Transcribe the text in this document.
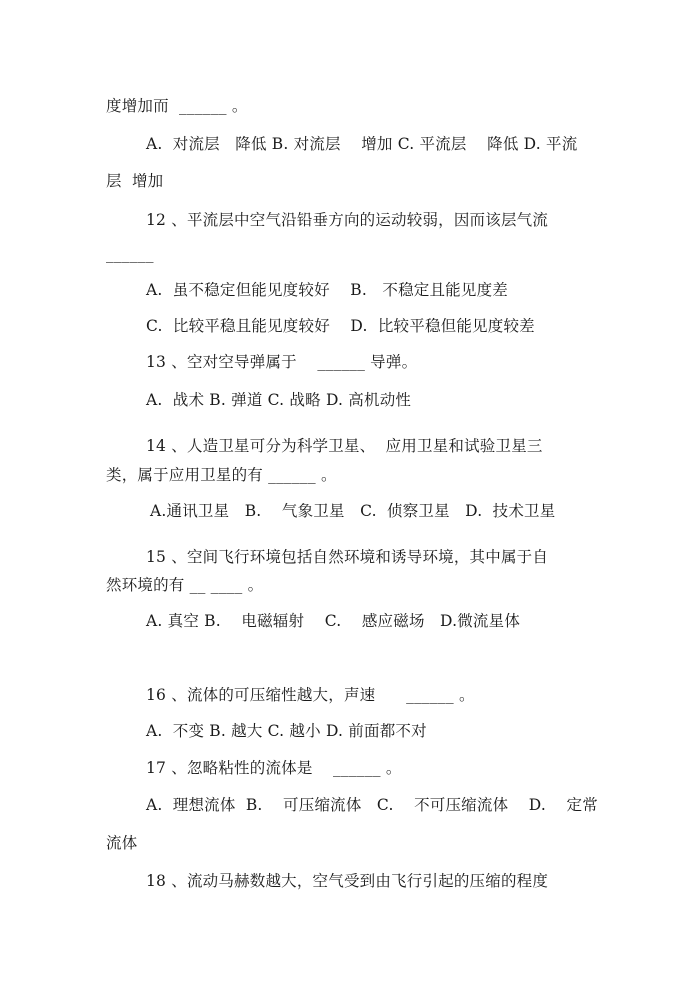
度增加而  ______ 。
A.  对流层   降低 B. 对流层    增加 C. 平流层    降低 D. 平流
层  增加
12 、平流层中空气沿铅垂方向的运动较弱，因而该层气流
______
A.  虽不稳定但能见度较好    B.   不稳定且能见度差
C.  比较平稳且能见度较好    D.  比较平稳但能见度较差
13 、空对空导弹属于    ______ 导弹。
A.  战术 B. 弹道 C. 战略 D. 高机动性
14 、人造卫星可分为科学卫星、  应用卫星和试验卫星三
类，属于应用卫星的有 ______ 。
A.通讯卫星   B.    气象卫星   C.  侦察卫星   D.  技术卫星
15 、空间飞行环境包括自然环境和诱导环境，其中属于自
然环境的有 __ ____ 。
A. 真空 B.    电磁辐射    C.    感应磁场   D.微流星体
16 、流体的可压缩性越大，声速      ______ 。
A.  不变 B. 越大 C. 越小 D. 前面都不对
17 、忽略粘性的流体是    ______ 。
A.  理想流体  B.    可压缩流体   C.    不可压缩流体    D.    定常
流体
18 、流动马赫数越大，空气受到由飞行引起的压缩的程度
